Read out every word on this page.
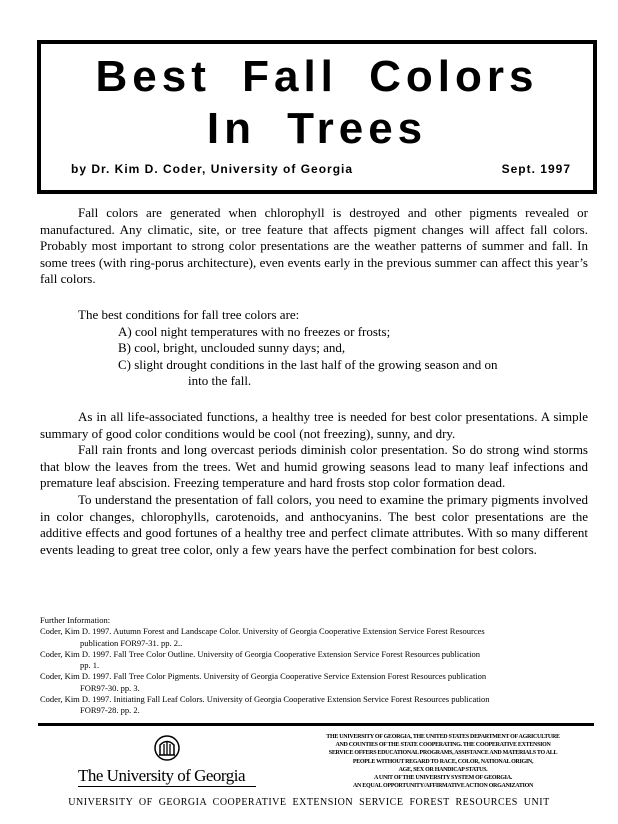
Best Fall Colors
In Trees
by Dr. Kim D. Coder, University of Georgia	Sept. 1997

Fall colors are generated when chlorophyll is destroyed and other pigments revealed or manufactured. Any climatic, site, or tree feature that affects pigment changes will affect fall colors. Probably most important to strong color presentations are the weather patterns of summer and fall. In some trees (with ring-porus architecture), even events early in the previous summer can affect this year’s fall colors.

The best conditions for fall tree colors are:
A) cool night temperatures with no freezes or frosts;
B) cool, bright, unclouded sunny days; and,
C) slight drought conditions in the last half of the growing season and on
into the fall.

As in all life-associated functions, a healthy tree is needed for best color presentations. A simple summary of good color conditions would be cool (not freezing), sunny, and dry.

Fall rain fronts and long overcast periods diminish color presentation. So do strong wind storms that blow the leaves from the trees. Wet and humid growing seasons lead to many leaf infections and premature leaf abscision. Freezing temperature and hard frosts stop color formation dead.

To understand the presentation of fall colors, you need to examine the primary pigments involved in color changes, chlorophylls, carotenoids, and anthocyanins. The best color presentations are the additive effects and good fortunes of a healthy tree and perfect climate attributes. With so many different events leading to great tree color, only a few years have the perfect combination for best colors.

Further Information:
Coder, Kim D. 1997. Autumn Forest and Landscape Color. University of Georgia Cooperative Extension Service Forest Resources
publication FOR97-31. pp. 2..
Coder, Kim D. 1997. Fall Tree Color Outline. University of Georgia Cooperative Extension Service Forest Resources publication
pp. 1.
Coder, Kim D. 1997. Fall Tree Color Pigments. University of Georgia Cooperative Service Extension Forest Resources publication
FOR97-30. pp. 3.
Coder, Kim D. 1997. Initiating Fall Leaf Colors. University of Georgia Cooperative Extension Service Forest Resources publication
FOR97-28. pp. 2.
The University of Georgia
THE UNIVERSITY OF GEORGIA, THE UNITED STATES DEPARTMENT OF AGRICULTURE
AND COUNTIES OF THE STATE COOPERATING. THE COOPERATIVE EXTENSION
SERVICE OFFERS EDUCATIONAL PROGRAMS, ASSISTANCE AND MATERIALS TO ALL
PEOPLE WITHOUT REGARD TO RACE, COLOR, NATIONAL ORIGIN,
AGE, SEX OR HANDICAP STATUS.
A UNIT OF THE UNIVERSITY SYSTEM OF GEORGIA.
AN EQUAL OPPORTUNITY/AFFIRMATIVE ACTION ORGANIZATION
UNIVERSITY OF GEORGIA COOPERATIVE EXTENSION SERVICE FOREST RESOURCES UNIT
